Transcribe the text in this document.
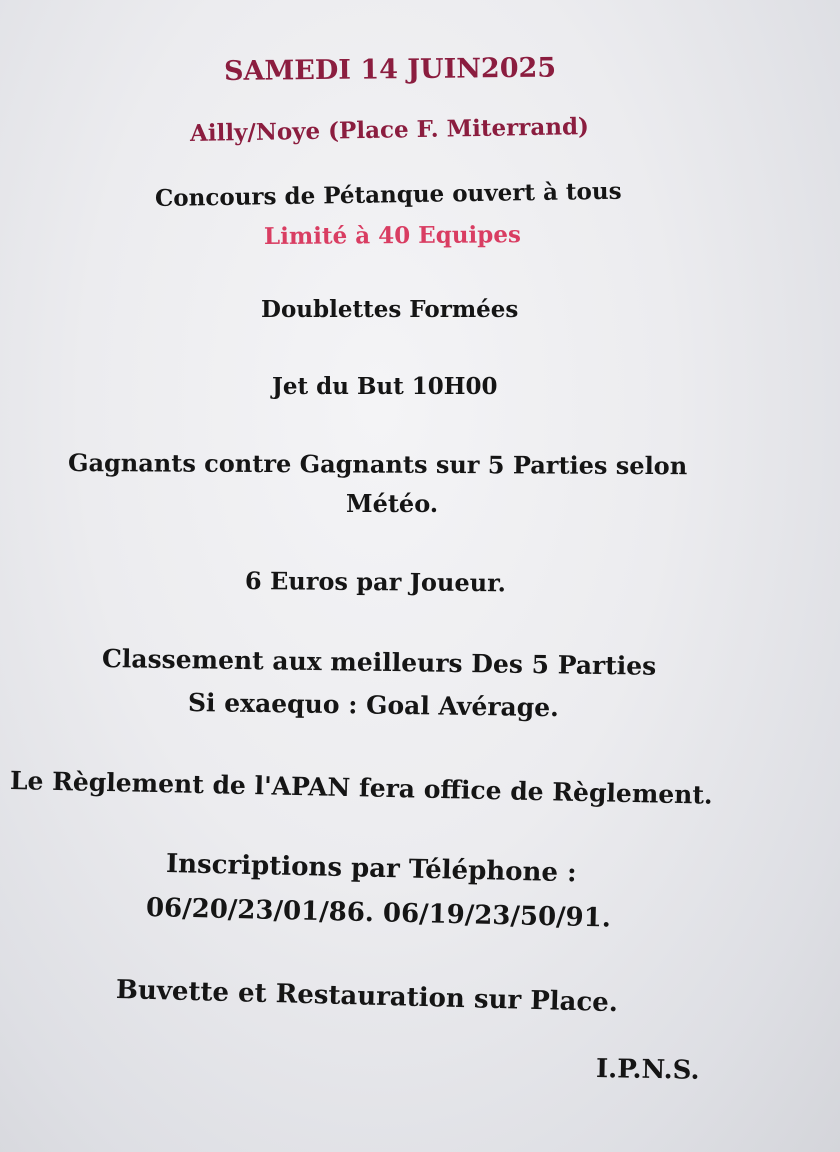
SAMEDI 14 JUIN2025
Ailly/Noye (Place F. Miterrand)
Concours de Pétanque ouvert à tous
Limité à 40 Equipes
Doublettes Formées
Jet du But 10H00
Gagnants contre Gagnants sur 5 Parties selon
Météo.
6 Euros par Joueur.
Classement aux meilleurs Des 5 Parties
Si exaequo : Goal Avérage.
Le Règlement de l'APAN fera office de Règlement.
Inscriptions par Téléphone :
06/20/23/01/86. 06/19/23/50/91.
Buvette et Restauration sur Place.
I.P.N.S.
